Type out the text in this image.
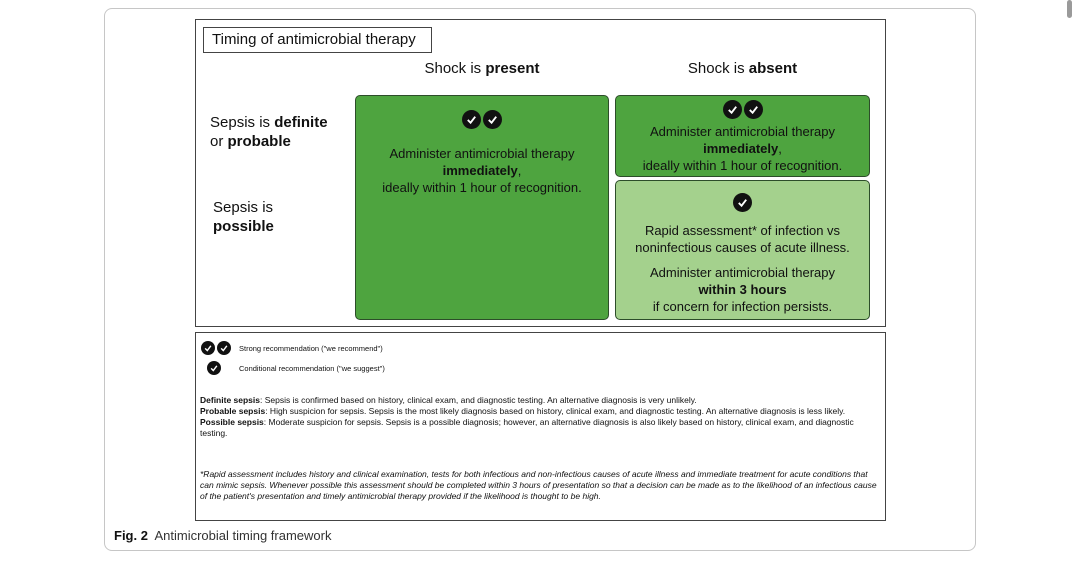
Timing of antimicrobial therapy
Shock is present	Shock is absent
Sepsis is definite
or probable
Sepsis is
possible
Administer antimicrobial therapy
immediately,
ideally within 1 hour of recognition.
Administer antimicrobial therapy
immediately,
ideally within 1 hour of recognition.
Rapid assessment* of infection vs
noninfectious causes of acute illness.
Administer antimicrobial therapy
within 3 hours
if concern for infection persists.
Strong recommendation ("we recommend")
Conditional recommendation ("we suggest")
Definite sepsis: Sepsis is confirmed based on history, clinical exam, and diagnostic testing. An alternative diagnosis is very unlikely.
Probable sepsis: High suspicion for sepsis. Sepsis is the most likely diagnosis based on history, clinical exam, and diagnostic testing. An alternative diagnosis is less likely.
Possible sepsis: Moderate suspicion for sepsis. Sepsis is a possible diagnosis; however, an alternative diagnosis is also likely based on history, clinical exam, and diagnostic testing.
*Rapid assessment includes history and clinical examination, tests for both infectious and non-infectious causes of acute illness and immediate treatment for acute conditions that can mimic sepsis. Whenever possible this assessment should be completed within 3 hours of presentation so that a decision can be made as to the likelihood of an infectious cause of the patient's presentation and timely antimicrobial therapy provided if the likelihood is thought to be high.
Fig. 2 Antimicrobial timing framework
